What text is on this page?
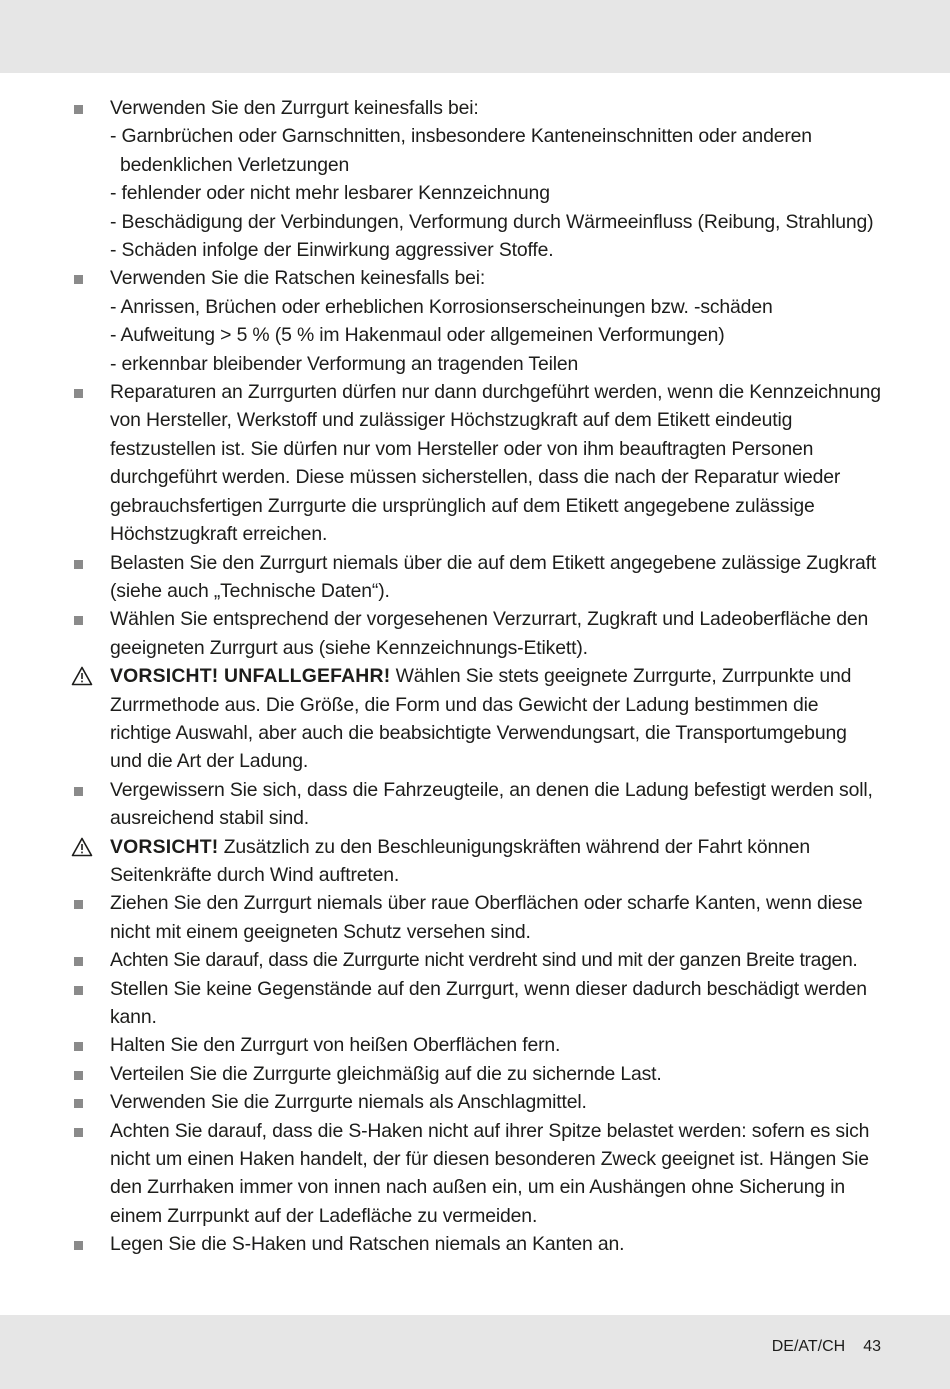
Verwenden Sie den Zurrgurt keinesfalls bei:
- Garnbrüchen oder Garnschnitten, insbesondere Kanteneinschnitten oder anderen bedenklichen Verletzungen
- fehlender oder nicht mehr lesbarer Kennzeichnung
- Beschädigung der Verbindungen, Verformung durch Wärmeeinfluss (Reibung, Strahlung)
- Schäden infolge der Einwirkung aggressiver Stoffe.
Verwenden Sie die Ratschen keinesfalls bei:
- Anrissen, Brüchen oder erheblichen Korrosionserscheinungen bzw. -schäden
- Aufweitung > 5 % (5 % im Hakenmaul oder allgemeinen Verformungen)
- erkennbar bleibender Verformung an tragenden Teilen
Reparaturen an Zurrgurten dürfen nur dann durchgeführt werden, wenn die Kennzeichnung von Hersteller, Werkstoff und zulässiger Höchstzugkraft auf dem Etikett eindeutig festzustellen ist. Sie dürfen nur vom Hersteller oder von ihm beauftragten Personen durchgeführt werden. Diese müssen sicherstellen, dass die nach der Reparatur wieder gebrauchsfertigen Zurrgurte die ursprünglich auf dem Etikett angegebene zulässige Höchstzugkraft erreichen.
Belasten Sie den Zurrgurt niemals über die auf dem Etikett angegebene zulässige Zugkraft (siehe auch „Technische Daten“).
Wählen Sie entsprechend der vorgesehenen Verzurrart, Zugkraft und Ladeoberfläche den geeigneten Zurrgurt aus (siehe Kennzeichnungs-Etikett).
VORSICHT! UNFALLGEFAHR! Wählen Sie stets geeignete Zurrgurte, Zurrpunkte und Zurrmethode aus. Die Größe, die Form und das Gewicht der Ladung bestimmen die richtige Auswahl, aber auch die beabsichtigte Verwendungsart, die Transportumgebung und die Art der Ladung.
Vergewissern Sie sich, dass die Fahrzeugteile, an denen die Ladung befestigt werden soll, ausreichend stabil sind.
VORSICHT! Zusätzlich zu den Beschleunigungskräften während der Fahrt können Seitenkräfte durch Wind auftreten.
Ziehen Sie den Zurrgurt niemals über raue Oberflächen oder scharfe Kanten, wenn diese nicht mit einem geeigneten Schutz versehen sind.
Achten Sie darauf, dass die Zurrgurte nicht verdreht sind und mit der ganzen Breite tragen.
Stellen Sie keine Gegenstände auf den Zurrgurt, wenn dieser dadurch beschädigt werden kann.
Halten Sie den Zurrgurt von heißen Oberflächen fern.
Verteilen Sie die Zurrgurte gleichmäßig auf die zu sichernde Last.
Verwenden Sie die Zurrgurte niemals als Anschlagmittel.
Achten Sie darauf, dass die S-Haken nicht auf ihrer Spitze belastet werden: sofern es sich nicht um einen Haken handelt, der für diesen besonderen Zweck geeignet ist. Hängen Sie den Zurrhaken immer von innen nach außen ein, um ein Aushängen ohne Sicherung in einem Zurrpunkt auf der Ladefläche zu vermeiden.
Legen Sie die S-Haken und Ratschen niemals an Kanten an.
DE/AT/CH 43
